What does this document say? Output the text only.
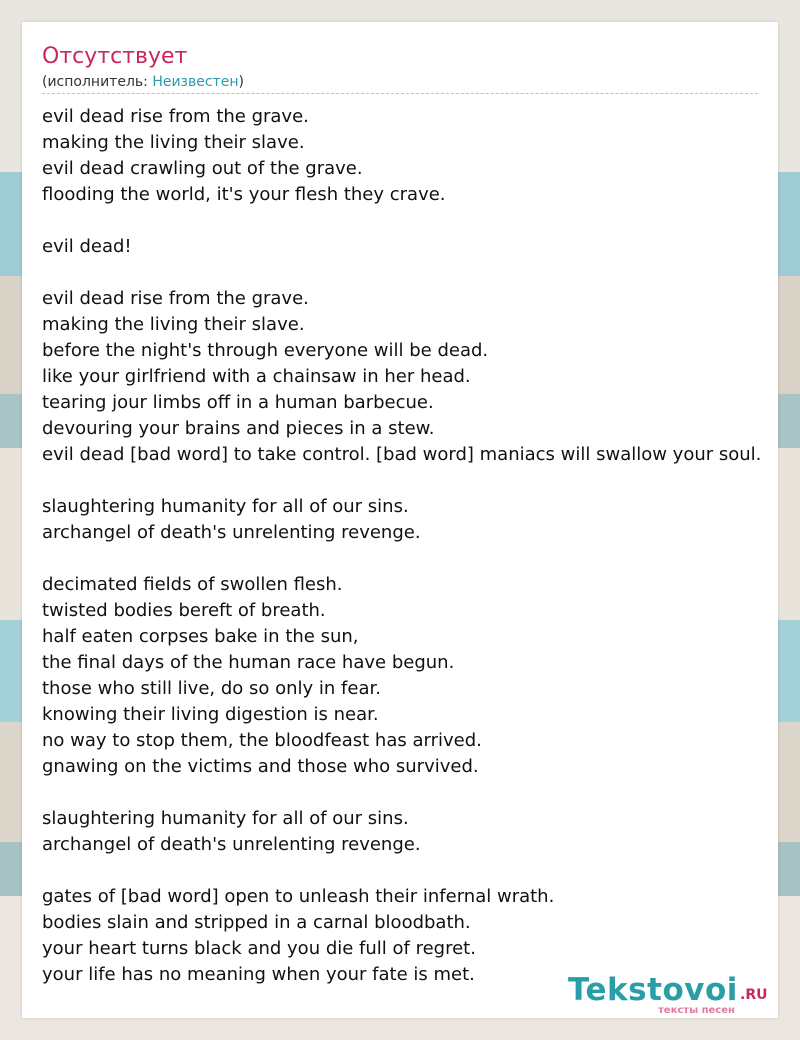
Отсутствует
(исполнитель: Неизвестен)
evil dead rise from the grave.
making the living their slave.
evil dead crawling out of the grave.
flooding the world, it's your flesh they crave.
evil dead!
evil dead rise from the grave.
making the living their slave.
before the night's through everyone will be dead.
like your girlfriend with a chainsaw in her head.
tearing jour limbs off in a human barbecue.
devouring your brains and pieces in a stew.
evil dead [bad word] to take control. [bad word] maniacs will swallow your soul.
slaughtering humanity for all of our sins.
archangel of death's unrelenting revenge.
decimated fields of swollen flesh.
twisted bodies bereft of breath.
half eaten corpses bake in the sun,
the final days of the human race have begun.
those who still live, do so only in fear.
knowing their living digestion is near.
no way to stop them, the bloodfeast has arrived.
gnawing on the victims and those who survived.
slaughtering humanity for all of our sins.
archangel of death's unrelenting revenge.
gates of [bad word] open to unleash their infernal wrath.
bodies slain and stripped in a carnal bloodbath.
your heart turns black and you die full of regret.
your life has no meaning when your fate is met.	Tekstovoi .RU
тексты песен
